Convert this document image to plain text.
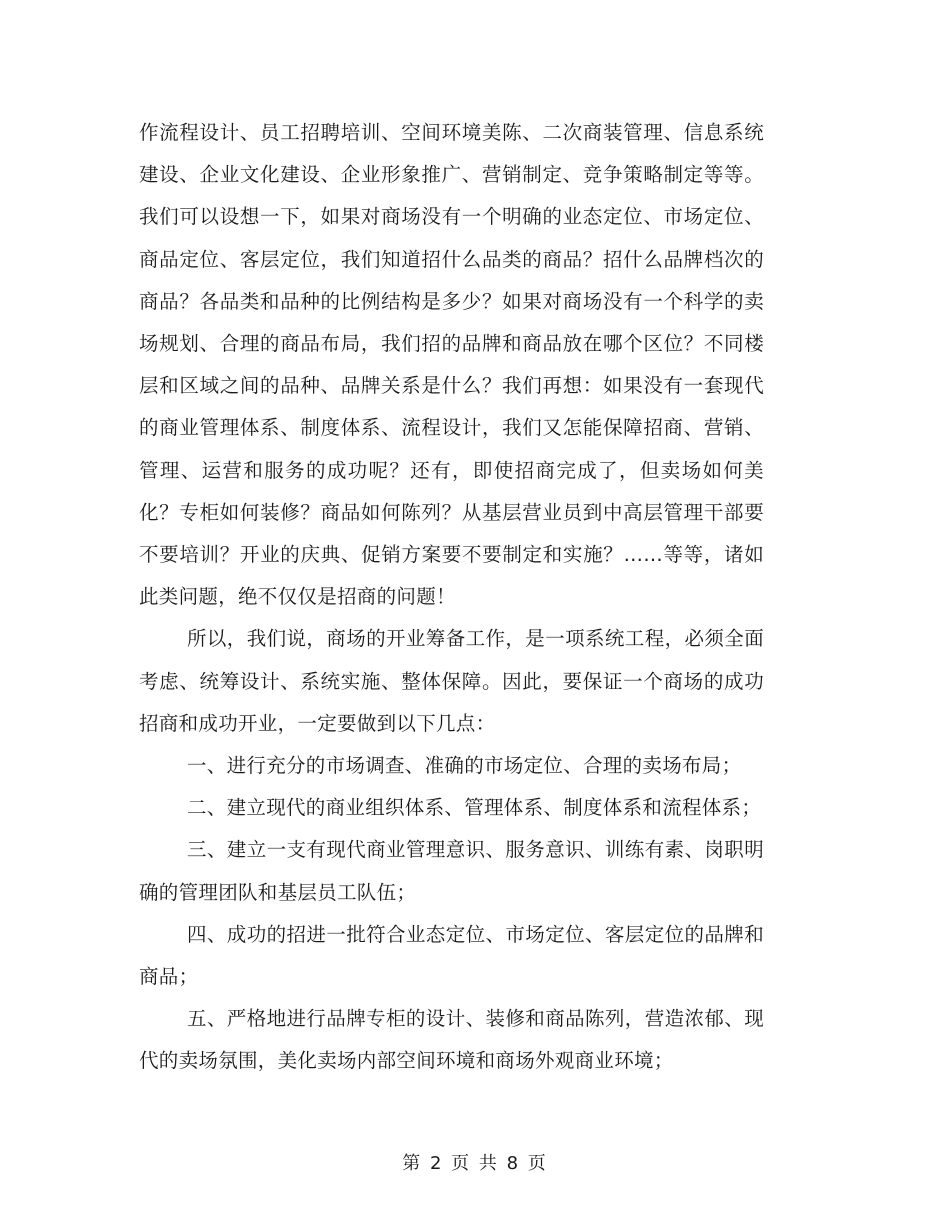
作流程设计、员工招聘培训、空间环境美陈、二次商装管理、信息系统建设、企业文化建设、企业形象推广、营销制定、竞争策略制定等等。我们可以设想一下，如果对商场没有一个明确的业态定位、市场定位、商品定位、客层定位，我们知道招什么品类的商品？招什么品牌档次的商品？各品类和品种的比例结构是多少？如果对商场没有一个科学的卖场规划、合理的商品布局，我们招的品牌和商品放在哪个区位？不同楼层和区域之间的品种、品牌关系是什么？我们再想：如果没有一套现代的商业管理体系、制度体系、流程设计，我们又怎能保障招商、营销、管理、运营和服务的成功呢？还有，即使招商完成了，但卖场如何美化？专柜如何装修？商品如何陈列？从基层营业员到中高层管理干部要不要培训？开业的庆典、促销方案要不要制定和实施？……等等，诸如此类问题，绝不仅仅是招商的问题！

所以，我们说，商场的开业筹备工作，是一项系统工程，必须全面考虑、统筹设计、系统实施、整体保障。因此，要保证一个商场的成功招商和成功开业，一定要做到以下几点：

一、进行充分的市场调查、准确的市场定位、合理的卖场布局；

二、建立现代的商业组织体系、管理体系、制度体系和流程体系；

三、建立一支有现代商业管理意识、服务意识、训练有素、岗职明确的管理团队和基层员工队伍；

四、成功的招进一批符合业态定位、市场定位、客层定位的品牌和商品；

五、严格地进行品牌专柜的设计、装修和商品陈列，营造浓郁、现代的卖场氛围，美化卖场内部空间环境和商场外观商业环境；

第 2 页 共 8 页
